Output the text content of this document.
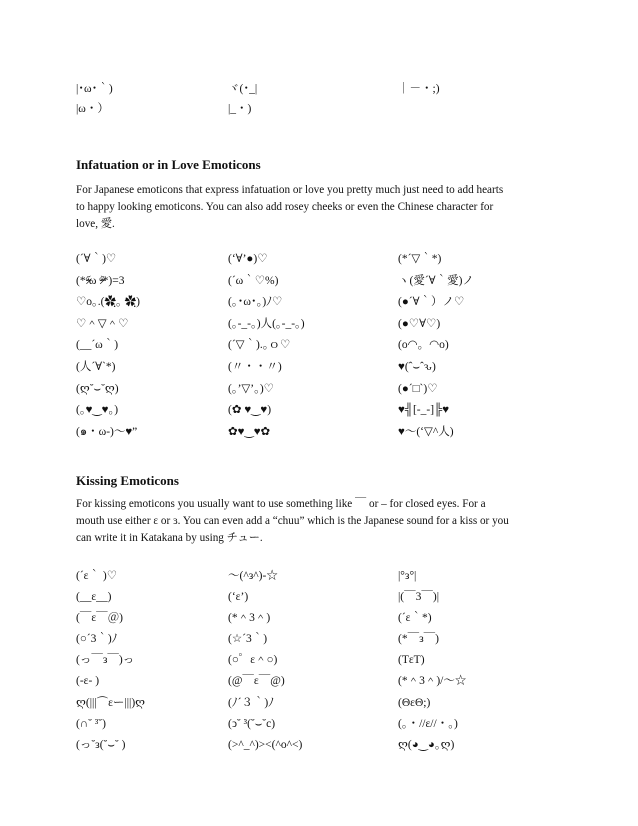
|･ω･｀)	ヾ(･_|	｜－・;)
|ω・）	|_・)
Infatuation or in Love Emoticons

For Japanese emoticons that express infatuation or love you pretty much just need to add hearts

to happy looking emoticons. You can also add rosey cheeks or even the Chinese character for

love, 愛.

(´∀｀)♡	(‘∀’●)♡	(*´▽｀*)
(*ᵒ̴̶̷᷄ω ᵒ̴̶̷᷅*)=3	(´ω｀♡%)	ヽ(愛´∀｀愛)ノ
♡o｡.(✿ฺ｡ ✿ฺ)	(｡･ω･｡)ﾉ♡	(●´∀｀）ノ♡
♡＾▽＾♡	(｡-_-｡)人(｡-_-｡)	(●♡∀♡)
(__´ω｀)	(´▽｀).｡ｏ♡	(o◠。◠o)
(人´∀`*)	(〃・・〃)	♥(ˆ⌣ˆԅ)
(ღ˘⌣˘ღ)	(｡’▽’｡)♡	(●´□`)♡
(｡♥‿♥｡)	(✿ ♥‿♥)	♥╣[-_-]╠♥
(๑・ω-)～♥”	✿♥‿♥✿	♥～(‘▽^人)
Kissing Emoticons

For kissing emoticons you usually want to use something like ￣ or – for closed eyes. For a

mouth use either ε or ɜ. You can even add a “chuu” which is the Japanese sound for a kiss or you

can write it in Katakana by using チュー.

(´ε｀ )♡	～(^з^)-☆	|°з°|
(__ε__)	(‘ε’)	|(￣3￣)|
(￣ε￣＠)	(*＾3＾)	(´ε｀*)
(○´3｀)ﾉ	(☆´3｀)	(*￣з￣)
(っ￣з￣)っ	(○゜ε＾○)	(TεT)
(-ε- )	(@￣ε￣@)	(*＾3＾)/～☆
ღ(|||⌒εー|||)ღ	(ﾉ´３｀)ﾉ	(ΘεΘ;)
(∩˘ ³˘)	(ↄ˘ ³(˘⌣˘c)	(｡・//ε//・｡)
(っ˘з(˘⌣˘ )	(>^_^)><(^o^<)	ღ(◕‿◕｡ღ)
